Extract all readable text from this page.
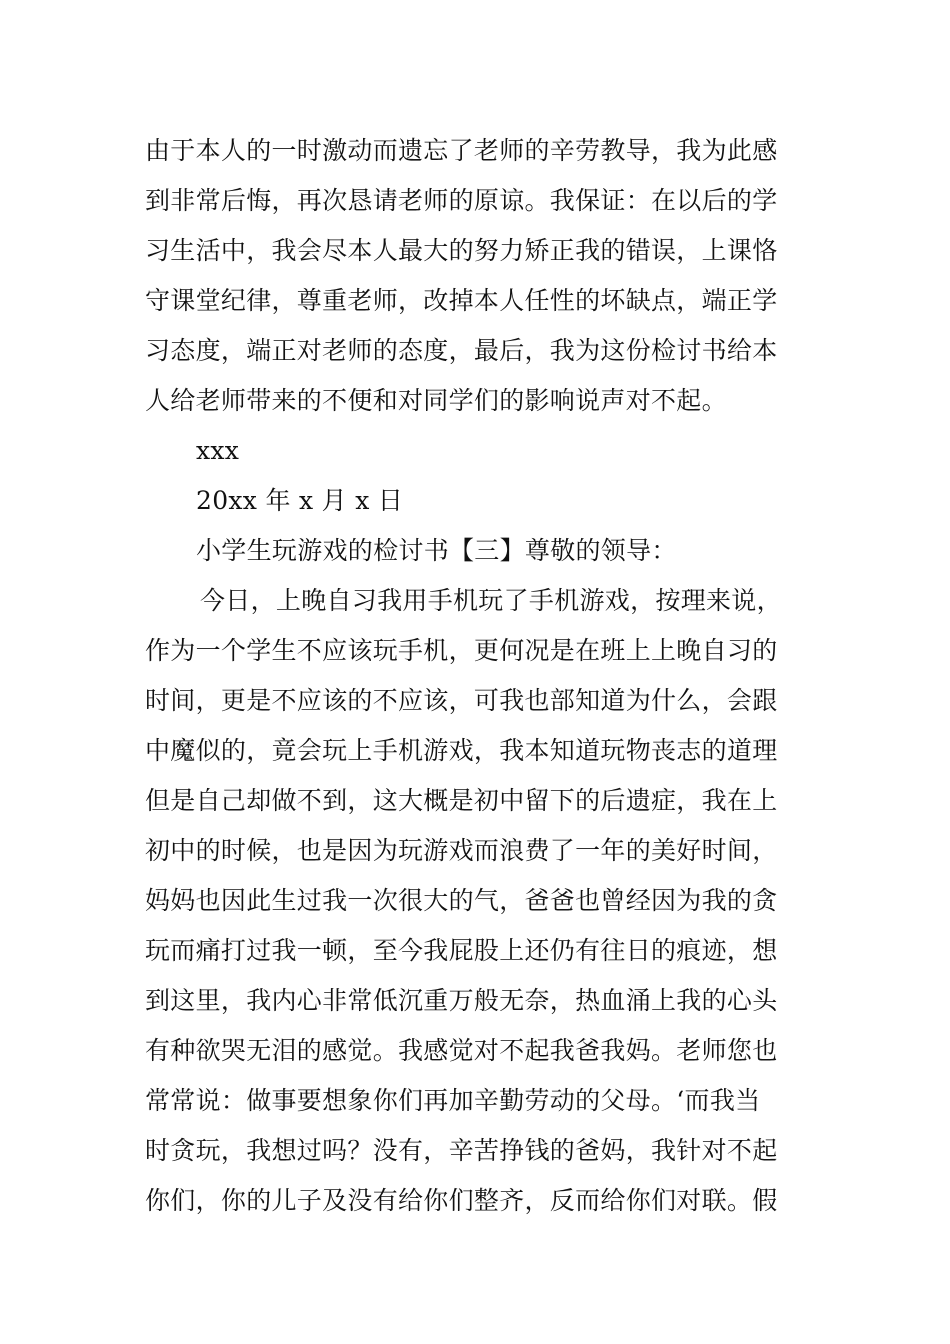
由于本人的一时激动而遗忘了老师的辛劳教导，我为此感
到非常后悔，再次恳请老师的原谅。我保证：在以后的学
习生活中，我会尽本人最大的努力矫正我的错误，上课恪
守课堂纪律，尊重老师，改掉本人任性的坏缺点，端正学
习态度，端正对老师的态度，最后，我为这份检讨书给本
人给老师带来的不便和对同学们的影响说声对不起。
xxx
20xx 年 x 月 x 日
小学生玩游戏的检讨书【三】尊敬的领导：
今日，上晚自习我用手机玩了手机游戏，按理来说，
作为一个学生不应该玩手机，更何况是在班上上晚自习的
时间，更是不应该的不应该，可我也部知道为什么，会跟
中魔似的，竟会玩上手机游戏，我本知道玩物丧志的道理
但是自己却做不到，这大概是初中留下的后遗症，我在上
初中的时候，也是因为玩游戏而浪费了一年的美好时间，
妈妈也因此生过我一次很大的气，爸爸也曾经因为我的贪
玩而痛打过我一顿，至今我屁股上还仍有往日的痕迹，想
到这里，我内心非常低沉重万般无奈，热血涌上我的心头
有种欲哭无泪的感觉。我感觉对不起我爸我妈。老师您也
常常说：做事要想象你们再加辛勤劳动的父母。‘而我当
时贪玩，我想过吗？没有，辛苦挣钱的爸妈，我针对不起
你们，你的儿子及没有给你们整齐，反而给你们对联。假
